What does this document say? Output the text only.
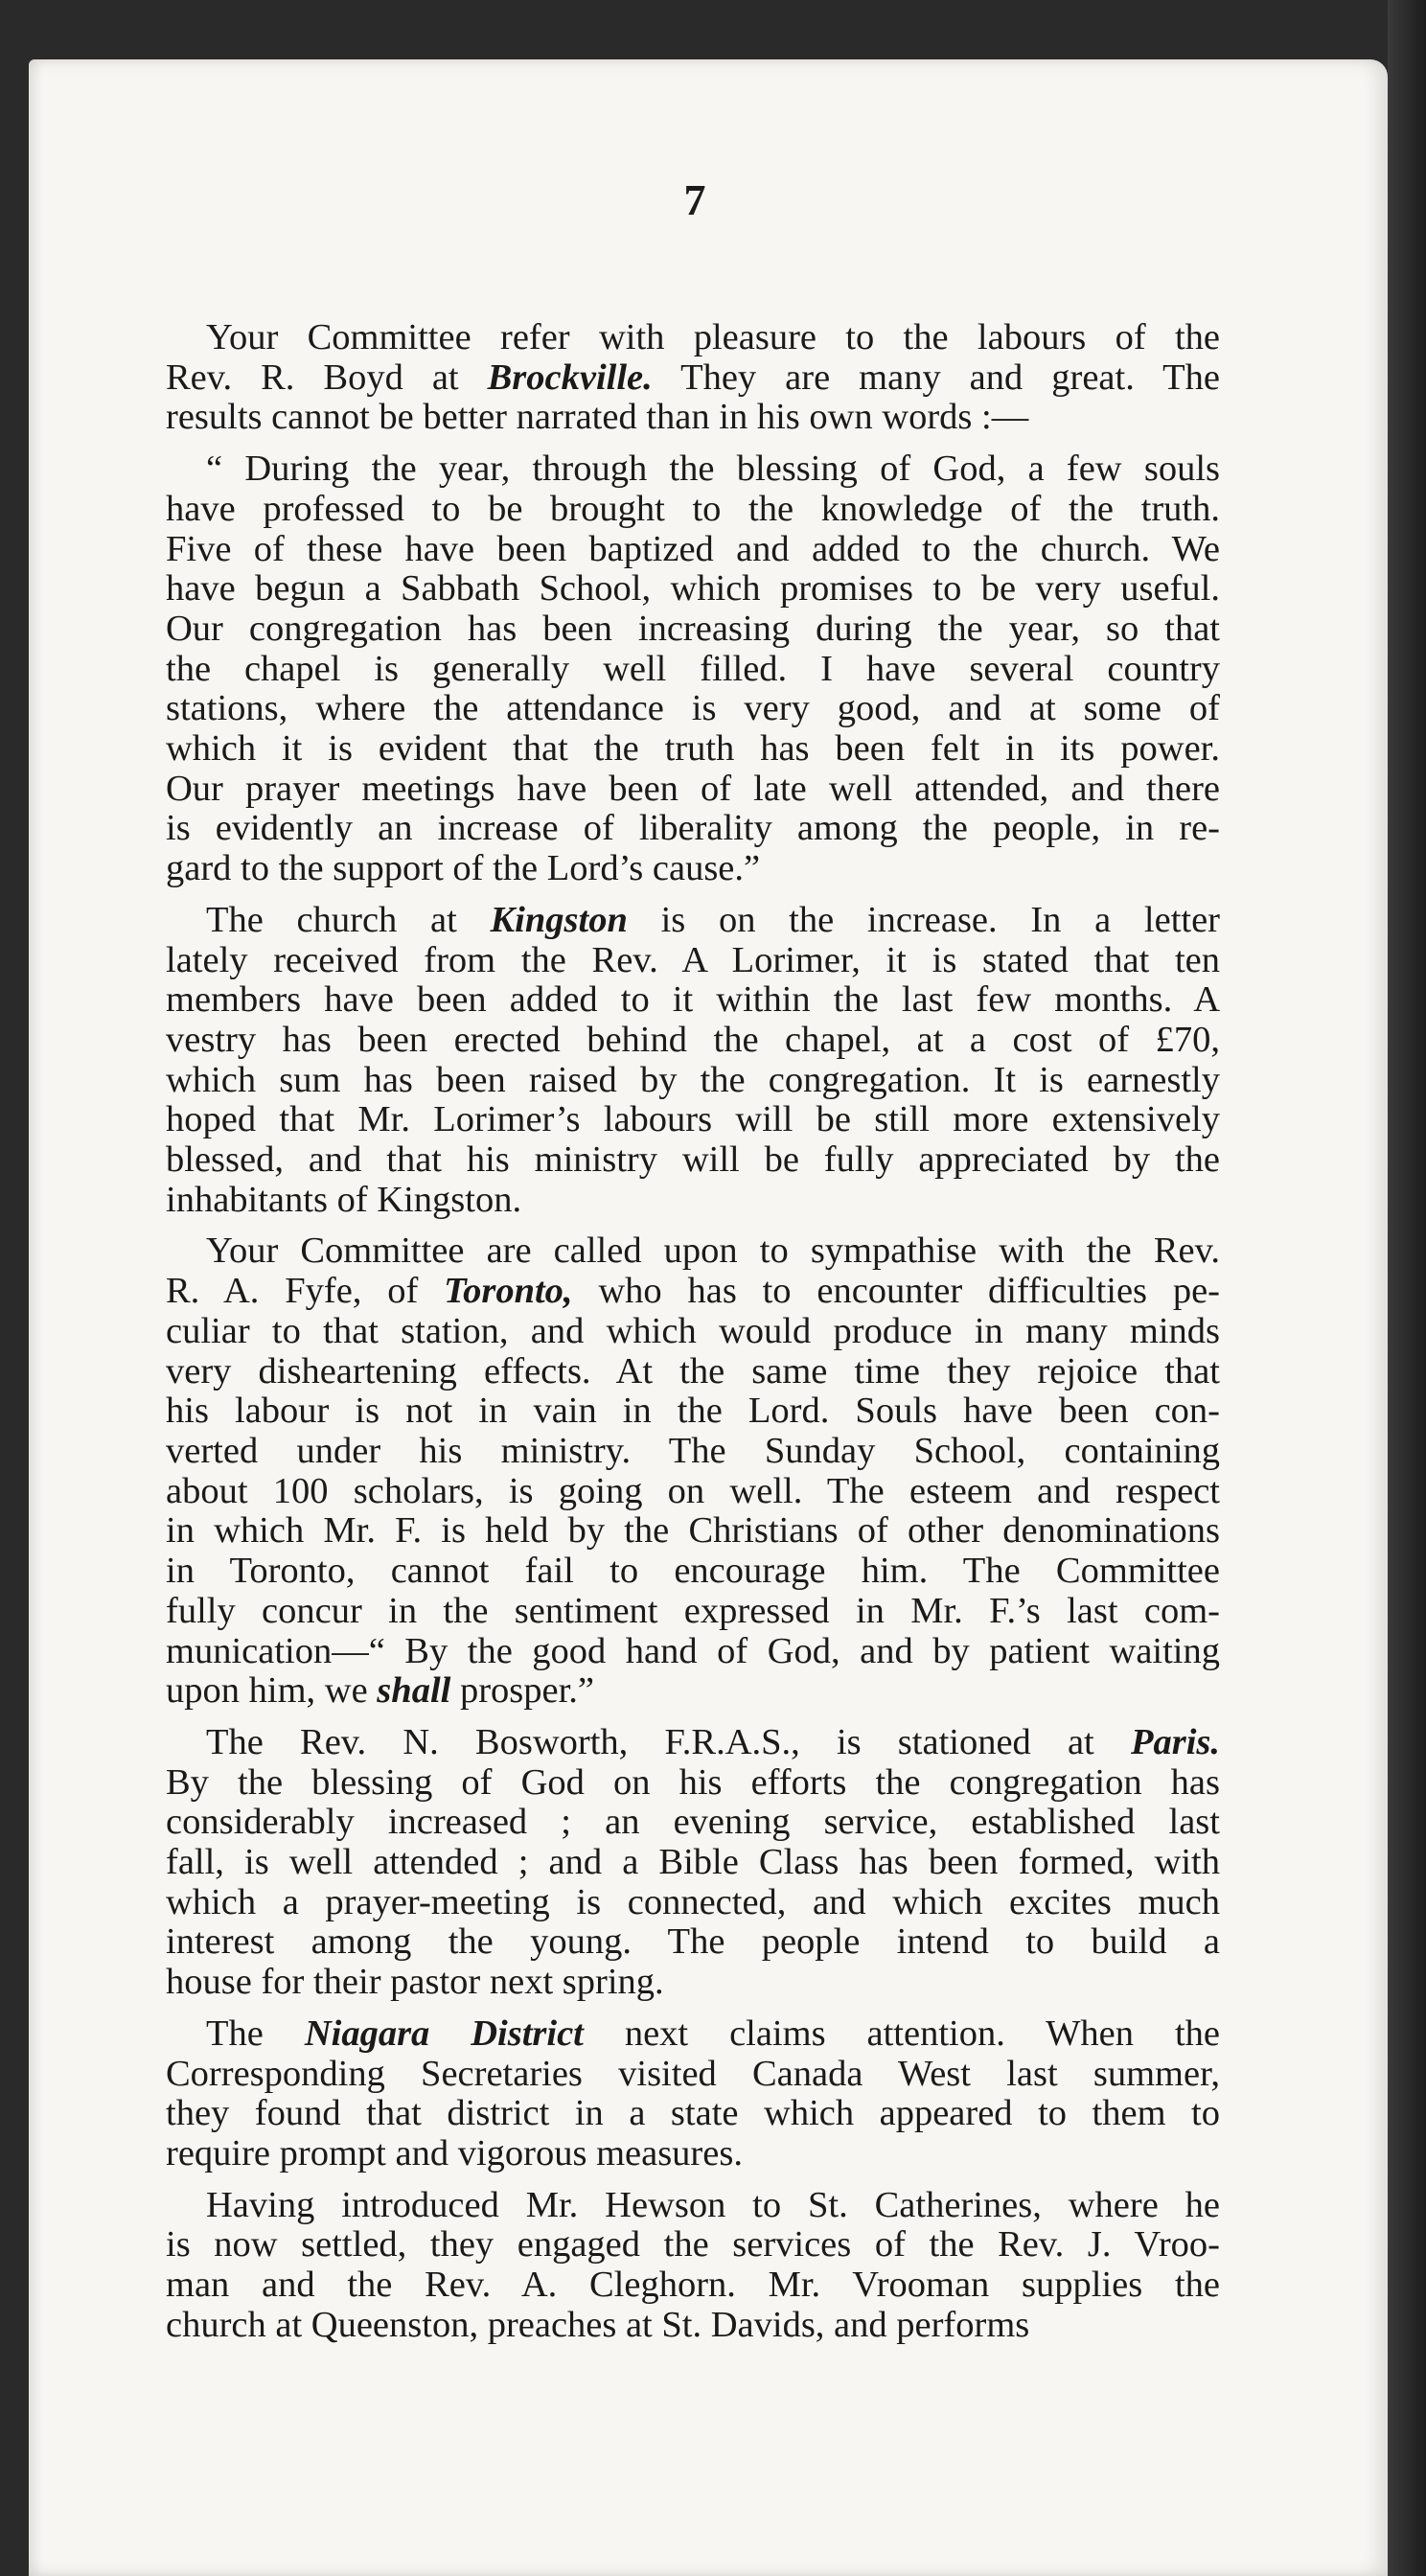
7
Your Committee refer with pleasure to the labours of the
Rev. R. Boyd at Brockville. They are many and great. The
results cannot be better narrated than in his own words :—
“ During the year, through the blessing of God, a few souls
have professed to be brought to the knowledge of the truth.
Five of these have been baptized and added to the church. We
have begun a Sabbath School, which promises to be very useful.
Our congregation has been increasing during the year, so that
the chapel is generally well filled. I have several country
stations, where the attendance is very good, and at some of
which it is evident that the truth has been felt in its power.
Our prayer meetings have been of late well attended, and there
is evidently an increase of liberality among the people, in re-
gard to the support of the Lord’s cause.”
The church at Kingston is on the increase. In a letter
lately received from the Rev. A Lorimer, it is stated that ten
members have been added to it within the last few months. A
vestry has been erected behind the chapel, at a cost of £70,
which sum has been raised by the congregation. It is earnestly
hoped that Mr. Lorimer’s labours will be still more extensively
blessed, and that his ministry will be fully appreciated by the
inhabitants of Kingston.
Your Committee are called upon to sympathise with the Rev.
R. A. Fyfe, of Toronto, who has to encounter difficulties pe-
culiar to that station, and which would produce in many minds
very disheartening effects. At the same time they rejoice that
his labour is not in vain in the Lord. Souls have been con-
verted under his ministry. The Sunday School, containing
about 100 scholars, is going on well. The esteem and respect
in which Mr. F. is held by the Christians of other denominations
in Toronto, cannot fail to encourage him. The Committee
fully concur in the sentiment expressed in Mr. F.’s last com-
munication—“ By the good hand of God, and by patient waiting
upon him, we shall prosper.”
The Rev. N. Bosworth, F.R.A.S., is stationed at Paris.
By the blessing of God on his efforts the congregation has
considerably increased ; an evening service, established last
fall, is well attended ; and a Bible Class has been formed, with
which a prayer-meeting is connected, and which excites much
interest among the young. The people intend to build a
house for their pastor next spring.
The Niagara District next claims attention. When the
Corresponding Secretaries visited Canada West last summer,
they found that district in a state which appeared to them to
require prompt and vigorous measures.
Having introduced Mr. Hewson to St. Catherines, where he
is now settled, they engaged the services of the Rev. J. Vroo-
man and the Rev. A. Cleghorn. Mr. Vrooman supplies the
church at Queenston, preaches at St. Davids, and performs
